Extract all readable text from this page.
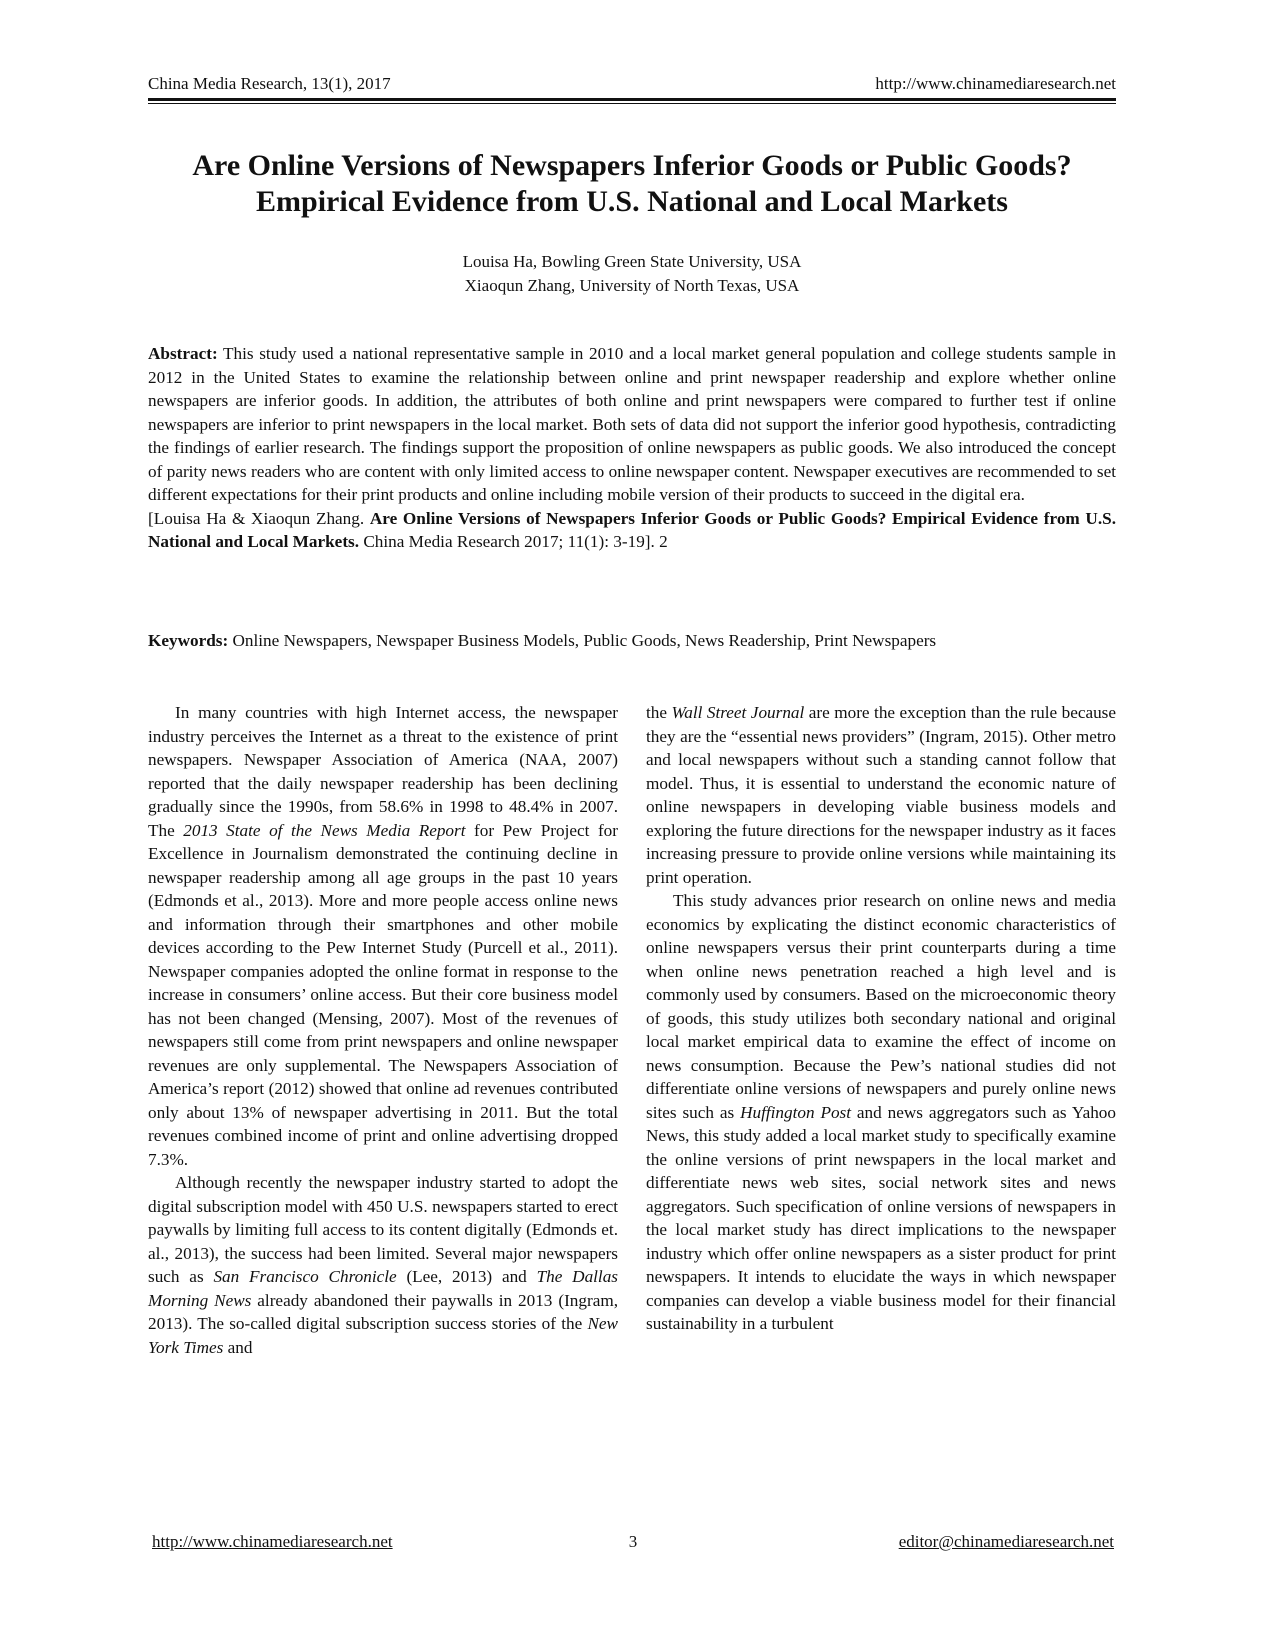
China Media Research, 13(1), 2017	http://www.chinamediaresearch.net
Are Online Versions of Newspapers Inferior Goods or Public Goods?
Empirical Evidence from U.S. National and Local Markets
Louisa Ha, Bowling Green State University, USA
Xiaoqun Zhang, University of North Texas, USA

Abstract: This study used a national representative sample in 2010 and a local market general population and college students sample in 2012 in the United States to examine the relationship between online and print newspaper readership and explore whether online newspapers are inferior goods. In addition, the attributes of both online and print newspapers were compared to further test if online newspapers are inferior to print newspapers in the local market. Both sets of data did not support the inferior good hypothesis, contradicting the findings of earlier research. The findings support the proposition of online newspapers as public goods. We also introduced the concept of parity news readers who are content with only limited access to online newspaper content. Newspaper executives are recommended to set different expectations for their print products and online including mobile version of their products to succeed in the digital era.

[Louisa Ha & Xiaoqun Zhang. Are Online Versions of Newspapers Inferior Goods or Public Goods? Empirical Evidence from U.S. National and Local Markets. China Media Research 2017; 11(1): 3-19]. 2

Keywords: Online Newspapers, Newspaper Business Models, Public Goods, News Readership, Print Newspapers

In many countries with high Internet access, the newspaper industry perceives the Internet as a threat to the existence of print newspapers. Newspaper Association of America (NAA, 2007) reported that the daily newspaper readership has been declining gradually since the 1990s, from 58.6% in 1998 to 48.4% in 2007. The 2013 State of the News Media Report for Pew Project for Excellence in Journalism demonstrated the continuing decline in newspaper readership among all age groups in the past 10 years (Edmonds et al., 2013). More and more people access online news and information through their smartphones and other mobile devices according to the Pew Internet Study (Purcell et al., 2011). Newspaper companies adopted the online format in response to the increase in consumers’ online access. But their core business model has not been changed (Mensing, 2007). Most of the revenues of newspapers still come from print newspapers and online newspaper revenues are only supplemental. The Newspapers Association of America’s report (2012) showed that online ad revenues contributed only about 13% of newspaper advertising in 2011. But the total revenues combined income of print and online advertising dropped 7.3%.

Although recently the newspaper industry started to adopt the digital subscription model with 450 U.S. newspapers started to erect paywalls by limiting full access to its content digitally (Edmonds et. al., 2013), the success had been limited. Several major newspapers such as San Francisco Chronicle (Lee, 2013) and The Dallas Morning News already abandoned their paywalls in 2013 (Ingram, 2013). The so-called digital subscription success stories of the New York Times and

the Wall Street Journal are more the exception than the rule because they are the “essential news providers” (Ingram, 2015). Other metro and local newspapers without such a standing cannot follow that model. Thus, it is essential to understand the economic nature of online newspapers in developing viable business models and exploring the future directions for the newspaper industry as it faces increasing pressure to provide online versions while maintaining its print operation.

This study advances prior research on online news and media economics by explicating the distinct economic characteristics of online newspapers versus their print counterparts during a time when online news penetration reached a high level and is commonly used by consumers. Based on the microeconomic theory of goods, this study utilizes both secondary national and original local market empirical data to examine the effect of income on news consumption. Because the Pew’s national studies did not differentiate online versions of newspapers and purely online news sites such as Huffington Post and news aggregators such as Yahoo News, this study added a local market study to specifically examine the online versions of print newspapers in the local market and differentiate news web sites, social network sites and news aggregators. Such specification of online versions of newspapers in the local market study has direct implications to the newspaper industry which offer online newspapers as a sister product for print newspapers. It intends to elucidate the ways in which newspaper companies can develop a viable business model for their financial sustainability in a turbulent

http://www.chinamediaresearch.net	3	editor@chinamediaresearch.net
